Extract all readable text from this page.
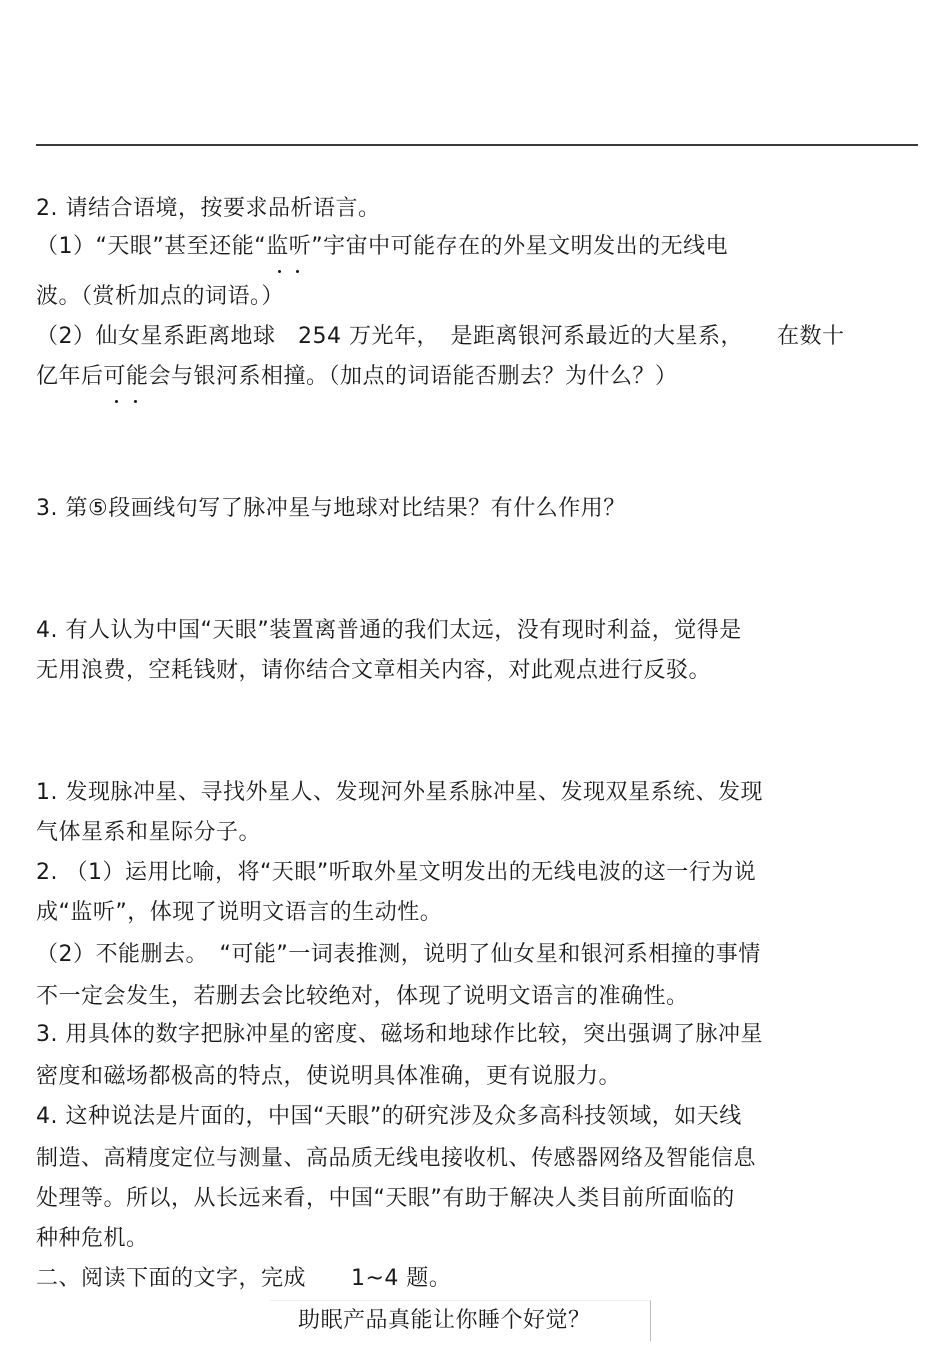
2. 请结合语境，按要求品析语言。
（1）“天眼”甚至还能“监听
”宇宙中可能存在的外星文明发出的无线电
波。（赏析加点的词语。）
（2）仙女星系距离地球　254 万光年，　是距离银河系最近的大星系，　　在数十
亿年后可能
会与银河系相撞。（加点的词语能否删去？为什么？）
3. 第⑤段画线句写了脉冲星与地球对比结果？有什么作用？
4. 有人认为中国“天眼”装置离普通的我们太远，没有现时利益，觉得是
无用浪费，空耗钱财，请你结合文章相关内容，对此观点进行反驳。
1. 发现脉冲星、寻找外星人、发现河外星系脉冲星、发现双星系统、发现
气体星系和星际分子。
2. （1）运用比喻，将“天眼”听取外星文明发出的无线电波的这一行为说
成“监听”，体现了说明文语言的生动性。
（2）不能删去。　“可能”一词表推测，说明了仙女星和银河系相撞的事情
不一定会发生，若删去会比较绝对，体现了说明文语言的准确性。
3. 用具体的数字把脉冲星的密度、磁场和地球作比较，突出强调了脉冲星
密度和磁场都极高的特点，使说明具体准确，更有说服力。
4. 这种说法是片面的，中国“天眼”的研究涉及众多高科技领域，如天线
制造、高精度定位与测量、高品质无线电接收机、传感器网络及智能信息
处理等。所以，从长远来看，中国“天眼”有助于解决人类目前所面临的
种种危机。
二、阅读下面的文字，完成　　1~4 题。
助眠产品真能让你睡个好觉？
